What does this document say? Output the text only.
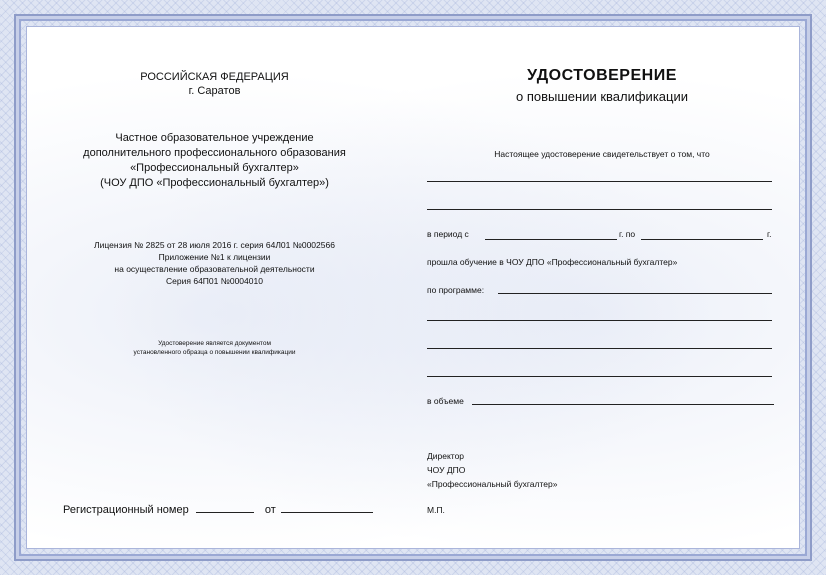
РОССИЙСКАЯ ФЕДЕРАЦИЯ
г. Саратов
Частное образовательное учреждение
дополнительного профессионального образования
«Профессиональный бухгалтер»
(ЧОУ ДПО «Профессиональный бухгалтер»)
Лицензия № 2825 от 28 июля 2016 г. серия 64Л01 №0002566
Приложение №1 к лицензии
на осуществление образовательной деятельности
Серия 64П01 №0004010
Удостоверение является документом
установленного образца о повышении квалификации
Регистрационный номер	от
УДОСТОВЕРЕНИЕ
о повышении квалификации
Настоящее удостоверение свидетельствует о том, что
в период с	г. по	г.
прошла обучение в ЧОУ ДПО «Профессиональный бухгалтер»
по программе:
в объеме
Директор
ЧОУ ДПО
«Профессиональный бухгалтер»
М.П.
